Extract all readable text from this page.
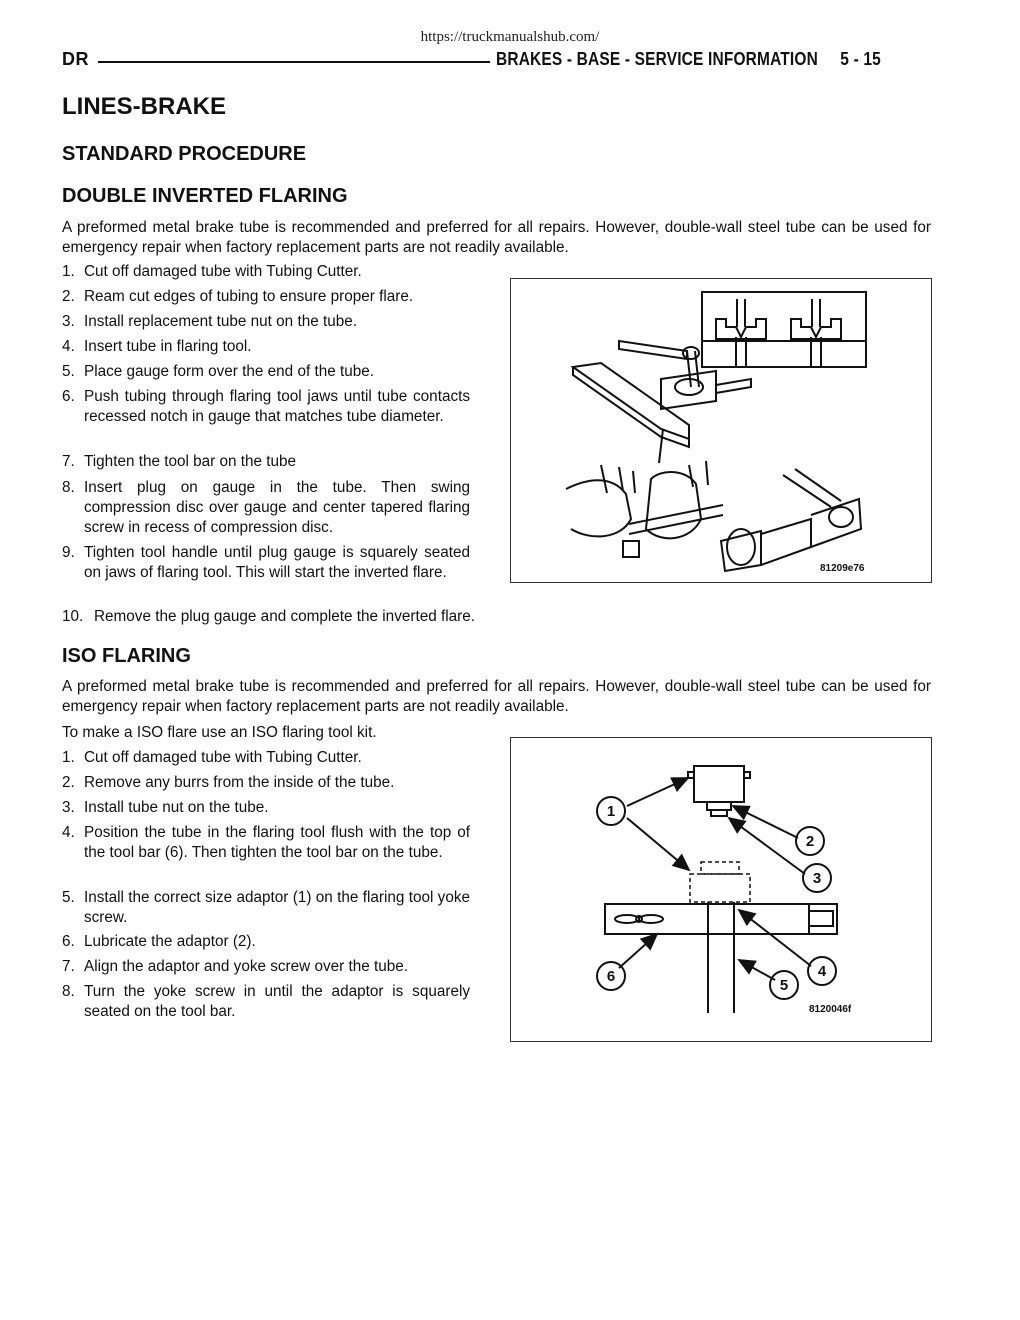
https://truckmanualshub.com/
DR	BRAKES - BASE - SERVICE INFORMATION     5 - 15
LINES-BRAKE
STANDARD PROCEDURE
DOUBLE INVERTED FLARING
A preformed metal brake tube is recommended and preferred for all repairs. However, double-wall steel tube can be used for emergency repair when factory replacement parts are not readily available.
1. Cut off damaged tube with Tubing Cutter.
2. Ream cut edges of tubing to ensure proper flare.
3. Install replacement tube nut on the tube.
4. Insert tube in flaring tool.
5. Place gauge form over the end of the tube.
6. Push tubing through flaring tool jaws until tube contacts recessed notch in gauge that matches tube diameter.
7. Tighten the tool bar on the tube
8. Insert plug on gauge in the tube. Then swing compression disc over gauge and center tapered flaring screw in recess of compression disc.
9. Tighten tool handle until plug gauge is squarely seated on jaws of flaring tool. This will start the inverted flare.
10. Remove the plug gauge and complete the inverted flare.
81209e76
ISO FLARING
A preformed metal brake tube is recommended and preferred for all repairs. However, double-wall steel tube can be used for emergency repair when factory replacement parts are not readily available.
To make a ISO flare use an ISO flaring tool kit.
1. Cut off damaged tube with Tubing Cutter.
2. Remove any burrs from the inside of the tube.
3. Install tube nut on the tube.
4. Position the tube in the flaring tool flush with the top of the tool bar (6). Then tighten the tool bar on the tube.
5. Install the correct size adaptor (1) on the flaring tool yoke screw.
6. Lubricate the adaptor (2).
7. Align the adaptor and yoke screw over the tube.
8. Turn the yoke screw in until the adaptor is squarely seated on the tool bar.
1
2
3
4
5
6
8120046f
